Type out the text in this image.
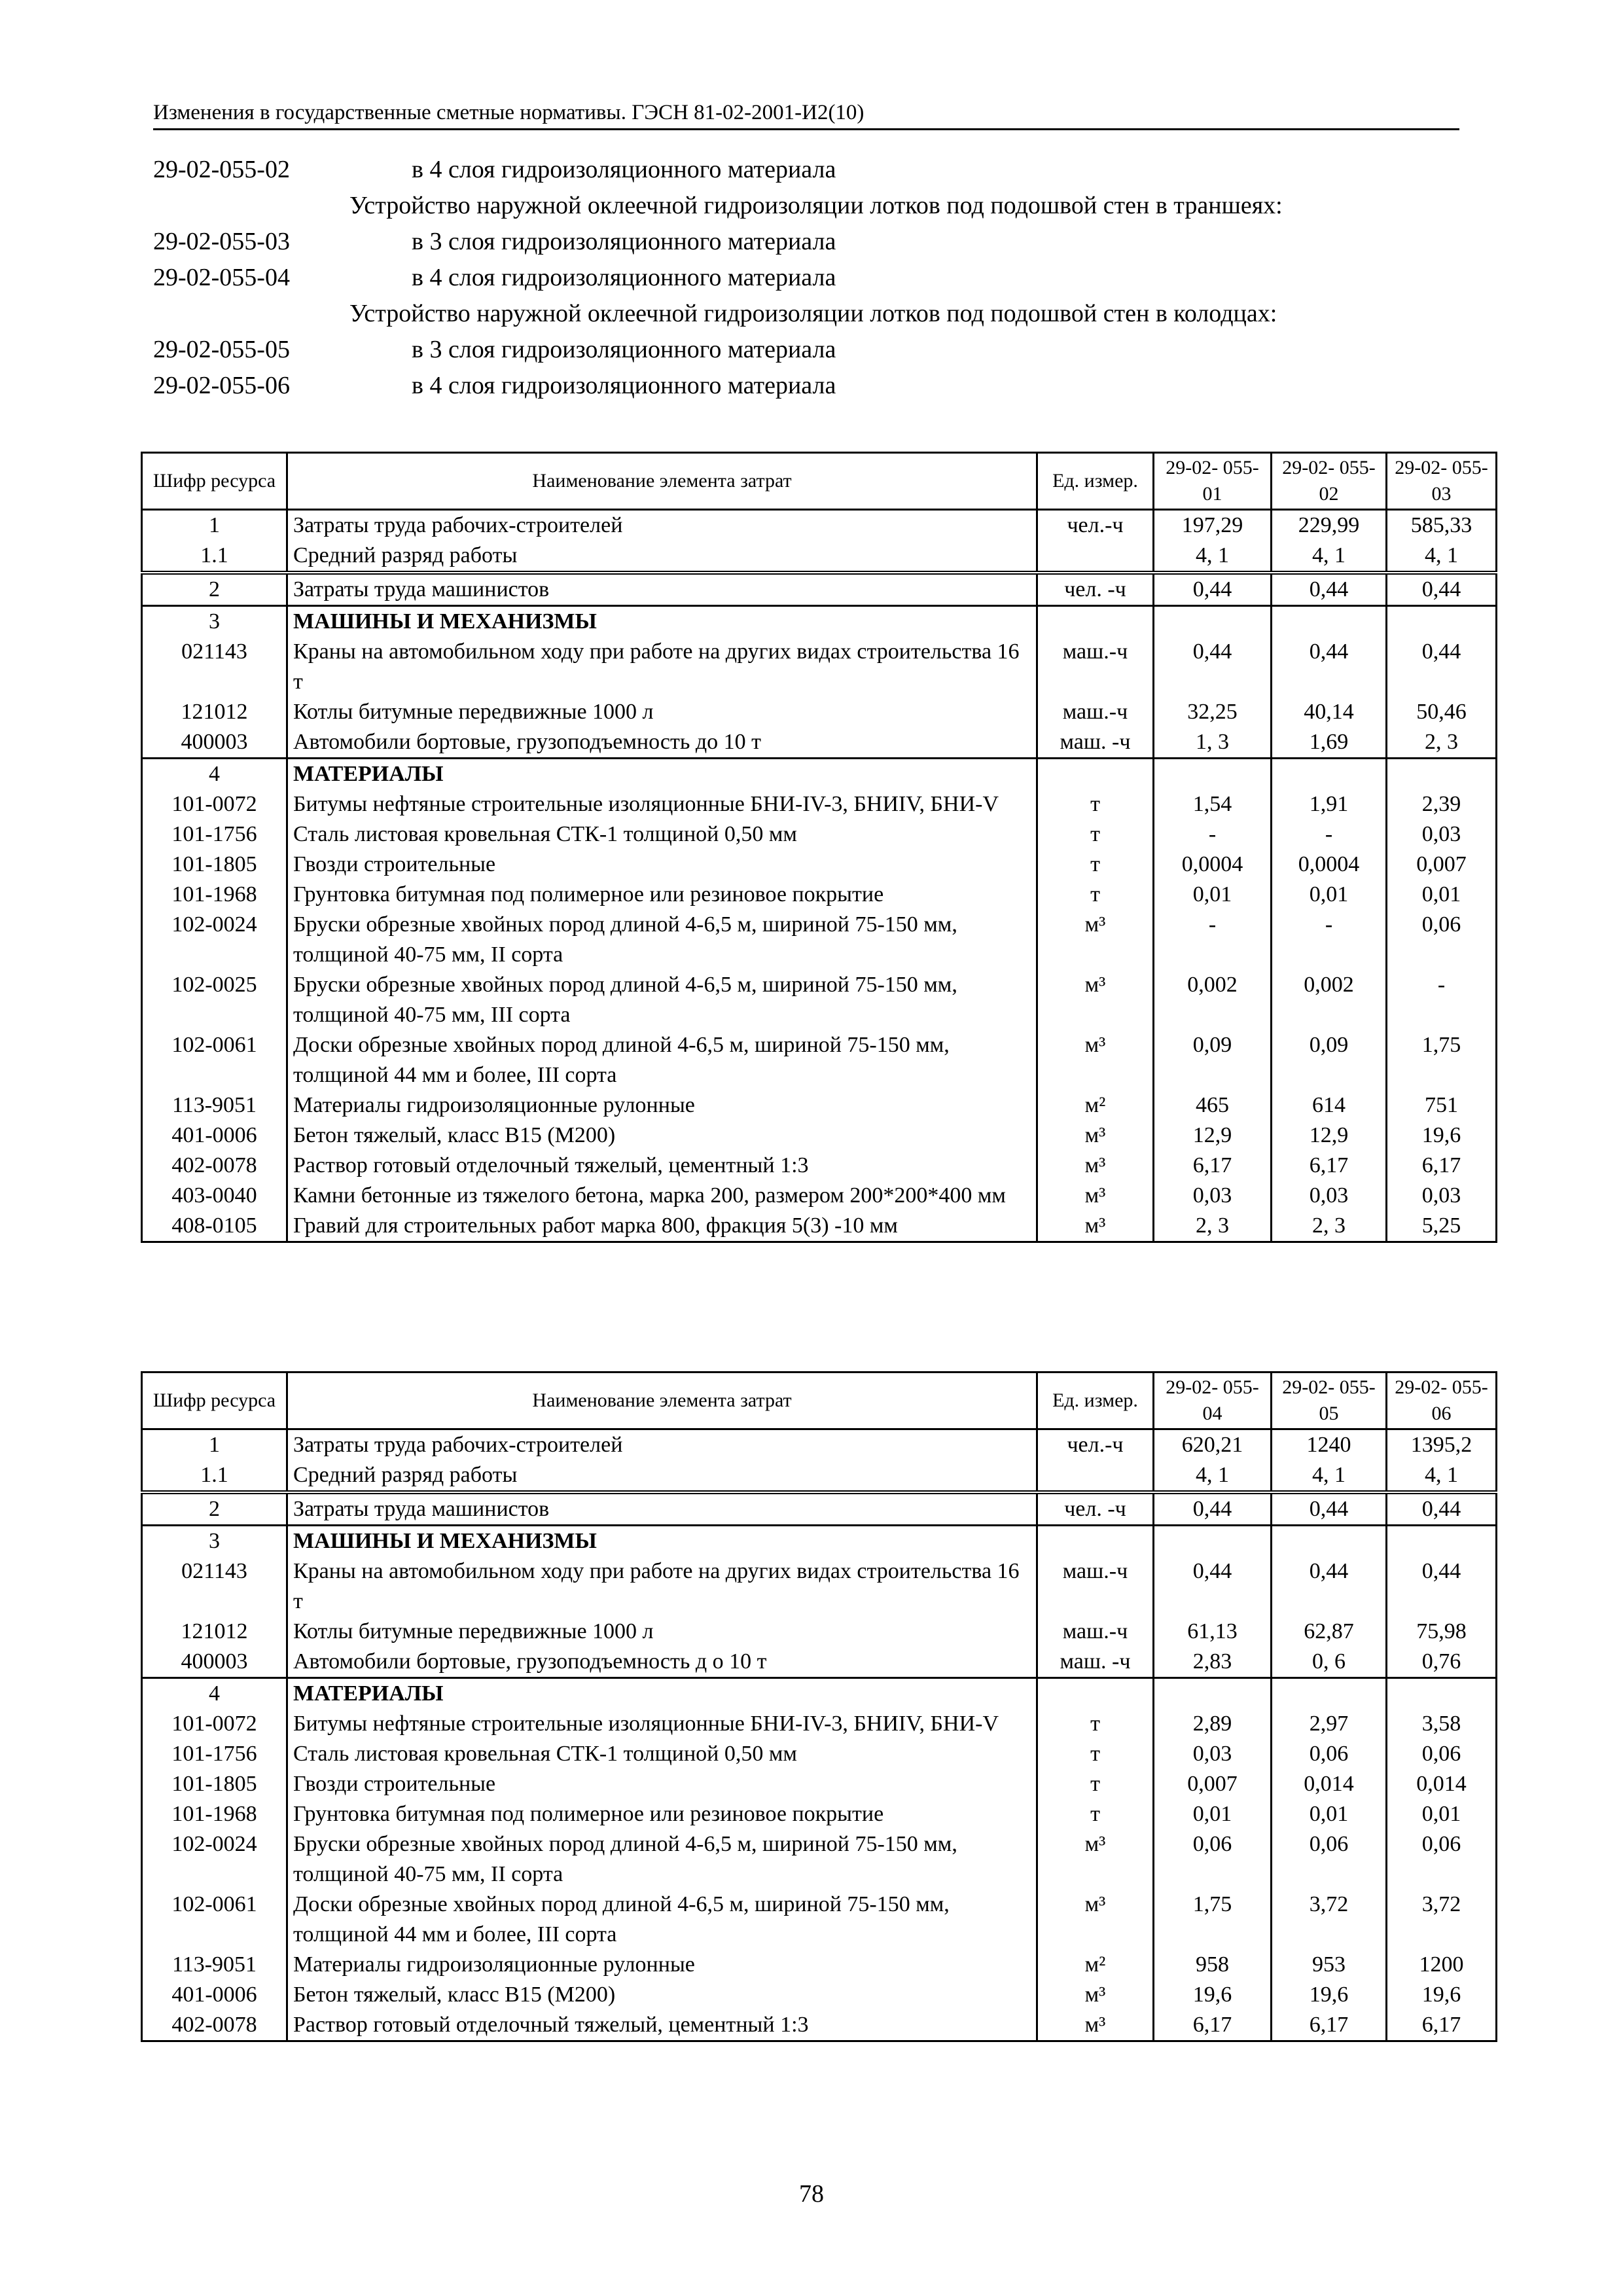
Изменения в государственные сметные нормативы. ГЭСН 81-02-2001-И2(10)
29-02-055-02	в 4 слоя гидроизоляционного материала
Устройство наружной оклеечной гидроизоляции лотков под подошвой стен в траншеях:
29-02-055-03	в 3 слоя гидроизоляционного материала
29-02-055-04	в 4 слоя гидроизоляционного материала
Устройство наружной оклеечной гидроизоляции лотков под подошвой стен в колодцах:
29-02-055-05	в 3 слоя гидроизоляционного материала
29-02-055-06	в 4 слоя гидроизоляционного материала
Шифр ресурса	Наименование элемента затрат	Ед. измер.	29-02- 055-01	29-02- 055-02	29-02- 055-03
1	Затраты труда рабочих-строителей	чел.-ч	197,29	229,99	585,33
1.1	Средний разряд работы		4, 1	4, 1	4, 1
2	Затраты труда машинистов	чел. -ч	0,44	0,44	0,44
3	МАШИНЫ И МЕХАНИЗМЫ				
021143	Краны на автомобильном ходу при работе на других видах строительства 16 т	маш.-ч	0,44	0,44	0,44
121012	Котлы битумные передвижные 1000 л	маш.-ч	32,25	40,14	50,46
400003	Автомобили бортовые, грузоподъемность до 10 т	маш. -ч	1, 3	1,69	2, 3
4	МАТЕРИАЛЫ				
101-0072	Битумы нефтяные строительные изоляционные БНИ-IV-3, БНИIV, БНИ-V	т	1,54	1,91	2,39
101-1756	Сталь листовая кровельная СТК-1 толщиной 0,50 мм	т	-	-	0,03
101-1805	Гвозди строительные	т	0,0004	0,0004	0,007
101-1968	Грунтовка битумная под полимерное или резиновое покрытие	т	0,01	0,01	0,01
102-0024	Бруски обрезные хвойных пород длиной 4-6,5 м, шириной 75-150 мм, толщиной 40-75 мм, II сорта	м³	-	-	0,06
102-0025	Бруски обрезные хвойных пород длиной 4-6,5 м, шириной 75-150 мм, толщиной 40-75 мм, III сорта	м³	0,002	0,002	-
102-0061	Доски обрезные хвойных пород длиной 4-6,5 м, шириной 75-150 мм, толщиной 44 мм и более, III сорта	м³	0,09	0,09	1,75
113-9051	Материалы гидроизоляционные рулонные	м²	465	614	751
401-0006	Бетон тяжелый, класс В15 (М200)	м³	12,9	12,9	19,6
402-0078	Раствор готовый отделочный тяжелый, цементный 1:3	м³	6,17	6,17	6,17
403-0040	Камни бетонные из тяжелого бетона, марка 200, размером 200*200*400 мм	м³	0,03	0,03	0,03
408-0105	Гравий для строительных работ марка 800, фракция 5(3) -10 мм	м³	2, 3	2, 3	5,25
Шифр ресурса	Наименование элемента затрат	Ед. измер.	29-02- 055-04	29-02- 055-05	29-02- 055-06
1	Затраты труда рабочих-строителей	чел.-ч	620,21	1240	1395,2
1.1	Средний разряд работы		4, 1	4, 1	4, 1
2	Затраты труда машинистов	чел. -ч	0,44	0,44	0,44
3	МАШИНЫ И МЕХАНИЗМЫ				
021143	Краны на автомобильном ходу при работе на других видах строительства 16 т	маш.-ч	0,44	0,44	0,44
121012	Котлы битумные передвижные 1000 л	маш.-ч	61,13	62,87	75,98
400003	Автомобили бортовые, грузоподъемность д о 10 т	маш. -ч	2,83	0, 6	0,76
4	МАТЕРИАЛЫ				
101-0072	Битумы нефтяные строительные изоляционные БНИ-IV-3, БНИIV, БНИ-V	т	2,89	2,97	3,58
101-1756	Сталь листовая кровельная СТК-1 толщиной 0,50 мм	т	0,03	0,06	0,06
101-1805	Гвозди строительные	т	0,007	0,014	0,014
101-1968	Грунтовка битумная под полимерное или резиновое покрытие	т	0,01	0,01	0,01
102-0024	Бруски обрезные хвойных пород длиной 4-6,5 м, шириной 75-150 мм, толщиной 40-75 мм, II сорта	м³	0,06	0,06	0,06
102-0061	Доски обрезные хвойных пород длиной 4-6,5 м, шириной 75-150 мм, толщиной 44 мм и более, III сорта	м³	1,75	3,72	3,72
113-9051	Материалы гидроизоляционные рулонные	м²	958	953	1200
401-0006	Бетон тяжелый, класс В15 (М200)	м³	19,6	19,6	19,6
402-0078	Раствор готовый отделочный тяжелый, цементный 1:3	м³	6,17	6,17	6,17
78
